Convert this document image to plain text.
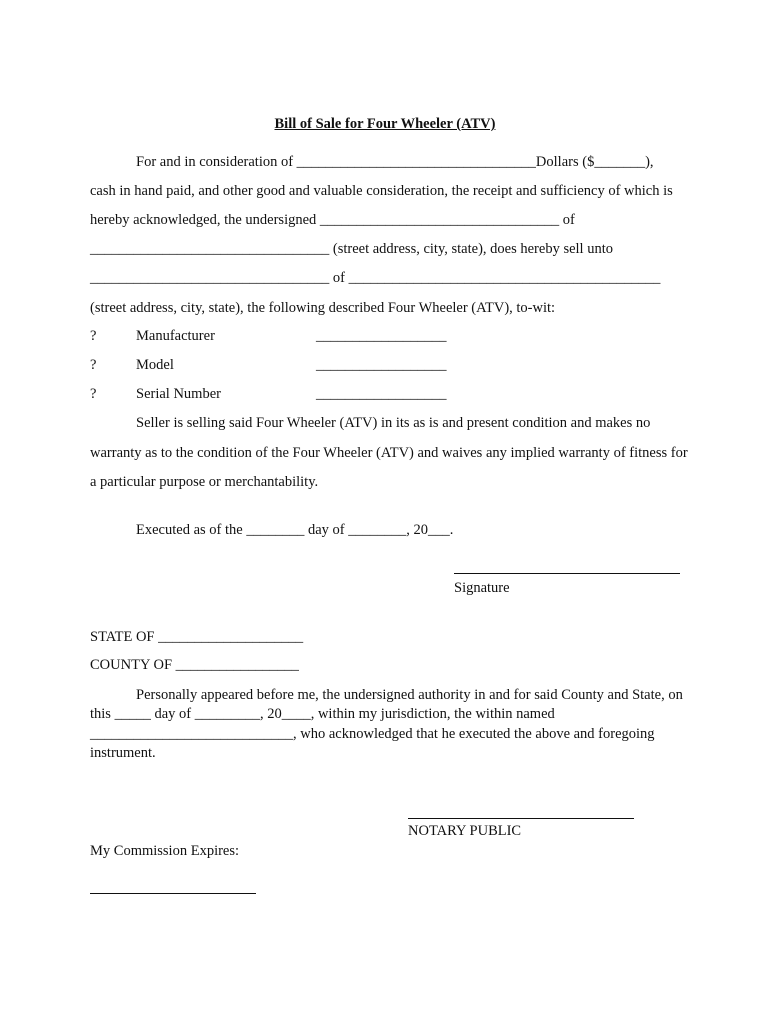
Bill of Sale for Four Wheeler (ATV)
For and in consideration of _________________________________Dollars ($_______),
cash in hand paid, and other good and valuable consideration, the receipt and sufficiency of which is
hereby acknowledged, the undersigned _________________________________ of
_________________________________ (street address, city, state), does hereby sell unto
_________________________________ of ___________________________________________
(street address, city, state), the following described Four Wheeler (ATV), to-wit:
?	Manufacturer	__________________
?	Model	__________________
?	Serial Number	__________________
Seller is selling said Four Wheeler (ATV) in its as is and present condition and makes no
warranty as to the condition of the Four Wheeler (ATV) and waives any implied warranty of fitness for
a particular purpose or merchantability.
Executed as of the ________ day of ________, 20___.
Signature
STATE OF ____________________
COUNTY OF _________________
Personally appeared before me, the undersigned authority in and for said County and State, on
this _____ day of _________, 20____, within my jurisdiction, the within named
____________________________, who acknowledged that he executed the above and foregoing
instrument.
NOTARY PUBLIC
My Commission Expires:
